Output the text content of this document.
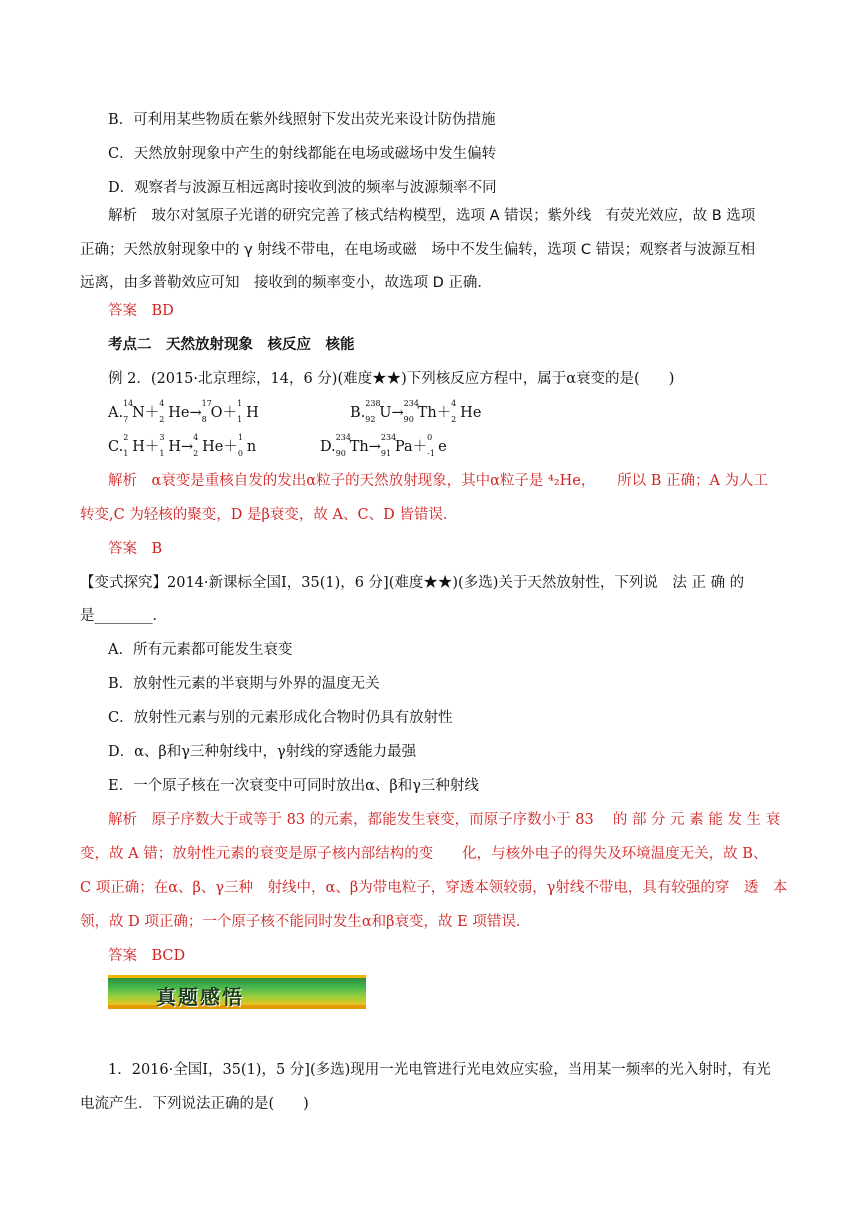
B．可利用某些物质在紫外线照射下发出荧光来设计防伪措施
C．天然放射现象中产生的射线都能在电场或磁场中发生偏转
D．观察者与波源互相远离时接收到波的频率与波源频率不同
解析　玻尔对氢原子光谱的研究完善了核式结构模型，选项 A 错误；紫外线　有荧光效应，故 B 选项
正确；天然放射现象中的 γ 射线不带电，在电场或磁　场中不发生偏转，选项 C 错误；观察者与波源互相
远离，由多普勒效应可知　接收到的频率变小，故选项 D 正确．
答案　BD
考点二　天然放射现象　核反应　核能
例 2．(2015·北京理综，14，6 分)(难度★★)下列核反应方程中，属于α衰变的是(　　)
A.
14
7 N＋
4
2 He→
17
8 O＋
1
1 H	B.
238
92 U→
234
90 Th＋
4
2 He
C.
2
1 H＋
3
1 H→
4
2 He＋
1
0 n	D.
234
90 Th→
234
91 Pa＋
0
-1 e
解析　α衰变是重核自发的发出α粒子的天然放射现象，其中α粒子是 ⁴₂He，　　所以 B 正确；A 为人工
转变,C 为轻核的聚变，D 是β衰变，故 A、C、D 皆错误．
答案　B
【变式探究】2014·新课标全国Ⅰ，35(1)，6 分](难度★★)(多选)关于天然放射性，下列说　法 正 确 的
是________．
A．所有元素都可能发生衰变
B．放射性元素的半衰期与外界的温度无关
C．放射性元素与别的元素形成化合物时仍具有放射性
D．α、β和γ三种射线中，γ射线的穿透能力最强
E．一个原子核在一次衰变中可同时放出α、β和γ三种射线
解析　原子序数大于或等于 83 的元素，都能发生衰变，而原子序数小于 83　 的 部 分 元 素 能 发 生 衰
变，故 A 错；放射性元素的衰变是原子核内部结构的变　　化，与核外电子的得失及环境温度无关，故 B、
C 项正确；在α、β、γ三种　射线中，α、β为带电粒子，穿透本领较弱，γ射线不带电，具有较强的穿　透　本
领，故 D 项正确；一个原子核不能同时发生α和β衰变，故 E 项错误．
答案　BCD
真题感悟
1．2016·全国Ⅰ，35(1)，5 分](多选)现用一光电管进行光电效应实验，当用某一频率的光入射时，有光
电流产生．下列说法正确的是(　　)
